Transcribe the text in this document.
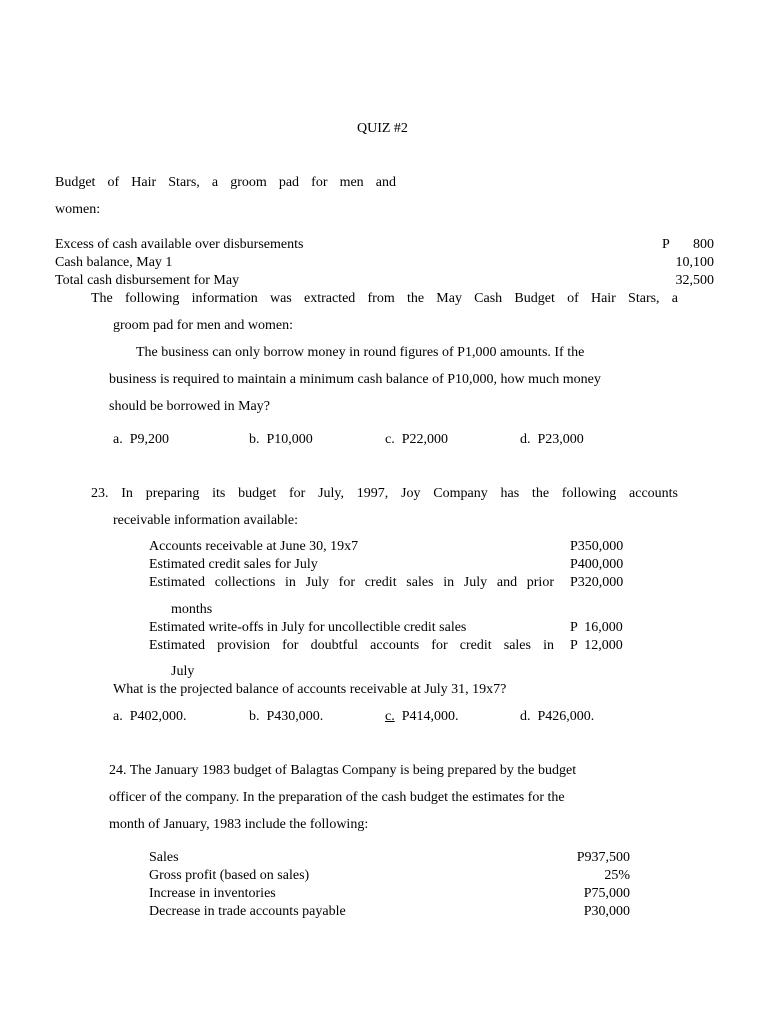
QUIZ #2
Budget of Hair Stars, a groom pad for men and
women:
Excess of cash available over disbursements	P	800
Cash balance, May 1	10,100
Total cash disbursement for May	32,500
The following information was extracted from the May Cash Budget of Hair Stars, a
groom pad for men and women:
The business can only borrow money in round figures of P1,000 amounts. If the
business is required to maintain a minimum cash balance of P10,000, how much money
should be borrowed in May?
a. P9,200	b. P10,000	c. P22,000	d. P23,000
23. In preparing its budget for July, 1997, Joy Company has the following accounts
receivable information available:
Accounts receivable at June 30, 19x7	P350,000
Estimated credit sales for July	P400,000
Estimated collections in July for credit sales in July and prior P320,000
months
Estimated write-offs in July for uncollectible credit sales	P  16,000
Estimated provision for doubtful accounts for credit sales in P  12,000
July
What is the projected balance of accounts receivable at July 31, 19x7?
a. P402,000.	b. P430,000.	c. P414,000.	d. P426,000.
24. The January 1983 budget of Balagtas Company is being prepared by the budget
officer of the company. In the preparation of the cash budget the estimates for the
month of January, 1983 include the following:
Sales	P937,500
Gross profit (based on sales)	25%
Increase in inventories	P75,000
Decrease in trade accounts payable	P30,000
